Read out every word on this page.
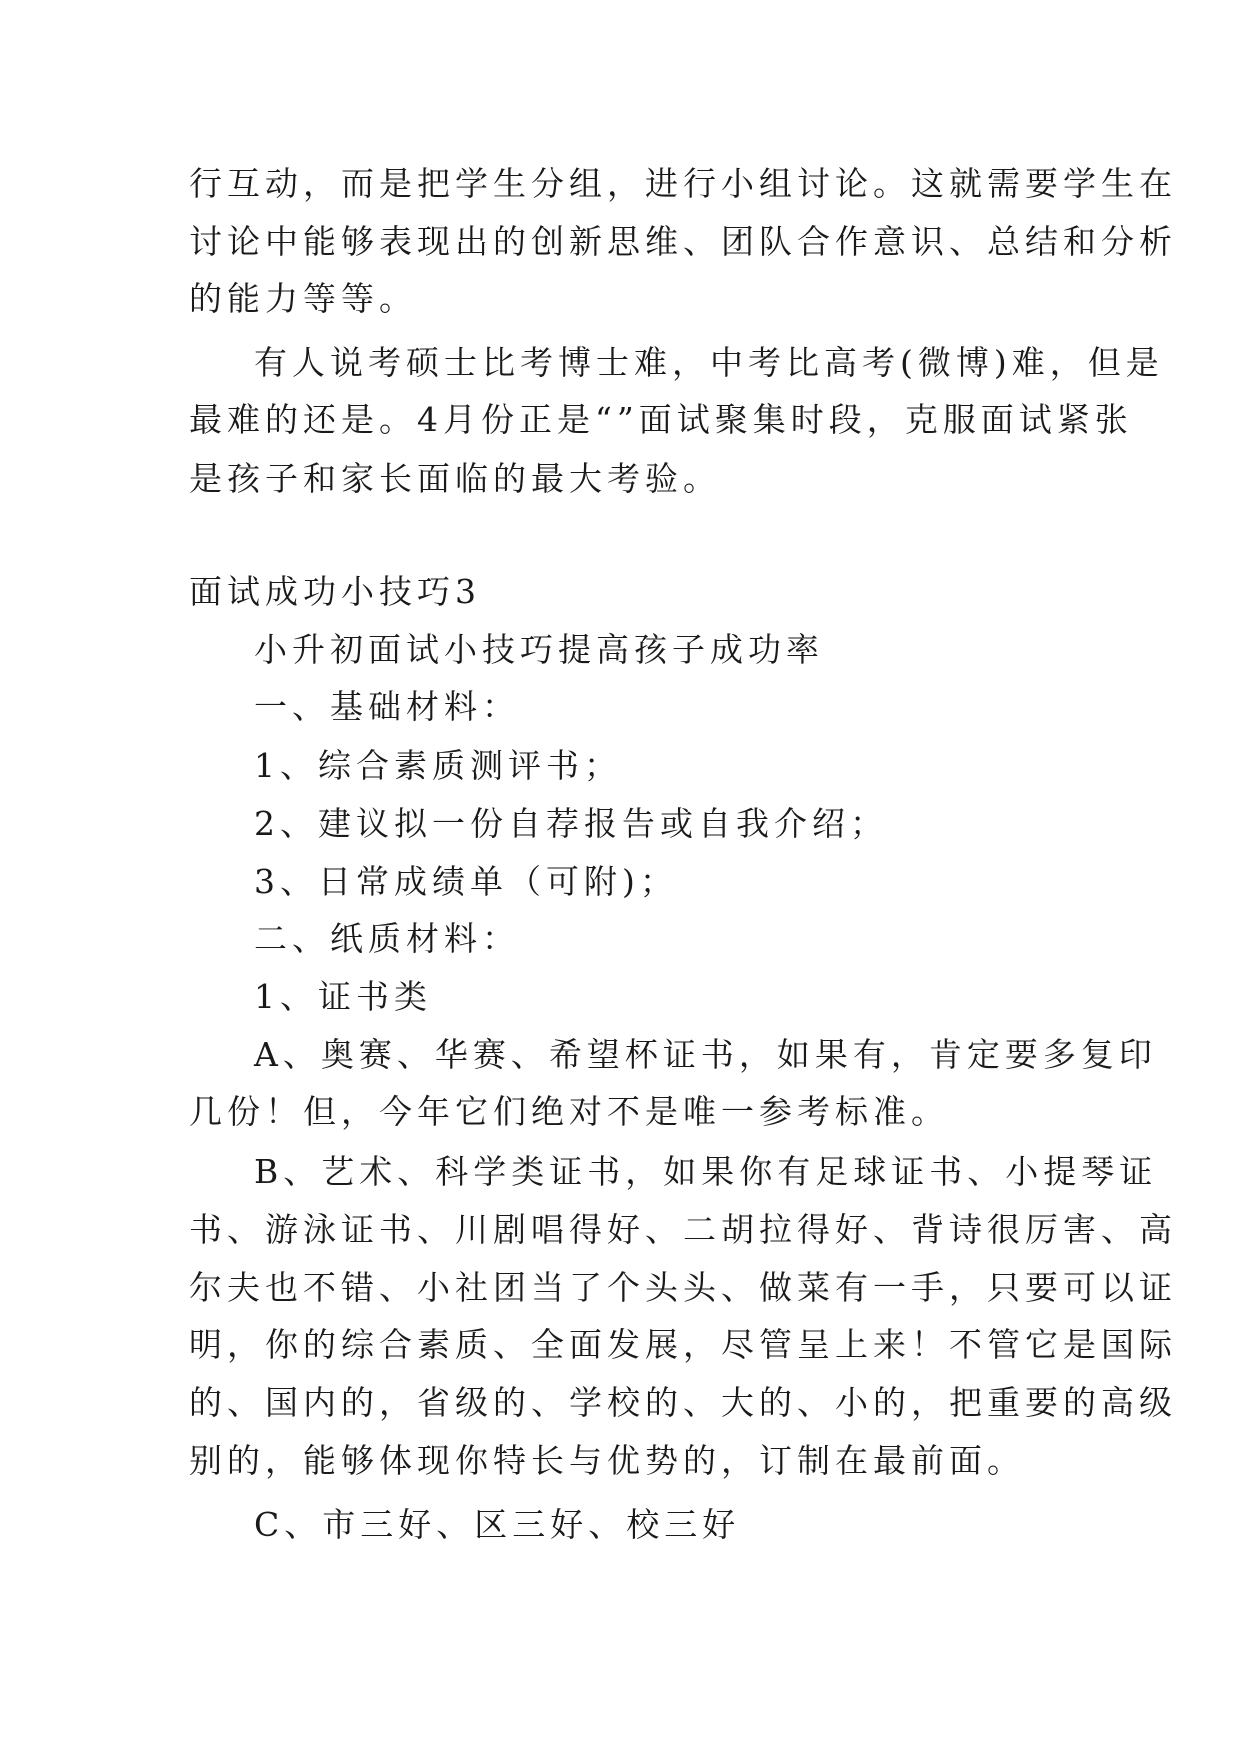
行互动，而是把学生分组，进行小组讨论。这就需要学生在
讨论中能够表现出的创新思维、团队合作意识、总结和分析
的能力等等。
有人说考硕士比考博士难，中考比高考(微博)难，但是
最难的还是。4月份正是“”面试聚集时段，克服面试紧张
是孩子和家长面临的最大考验。
面试成功小技巧3
小升初面试小技巧提高孩子成功率
一、基础材料：
1、综合素质测评书；
2、建议拟一份自荐报告或自我介绍；
3、日常成绩单（可附)；
二、纸质材料：
1、证书类
A、奥赛、华赛、希望杯证书，如果有，肯定要多复印
几份！但，今年它们绝对不是唯一参考标准。
B、艺术、科学类证书，如果你有足球证书、小提琴证
书、游泳证书、川剧唱得好、二胡拉得好、背诗很厉害、高
尔夫也不错、小社团当了个头头、做菜有一手，只要可以证
明，你的综合素质、全面发展，尽管呈上来！不管它是国际
的、国内的，省级的、学校的、大的、小的，把重要的高级
别的，能够体现你特长与优势的，订制在最前面。
C、市三好、区三好、校三好
